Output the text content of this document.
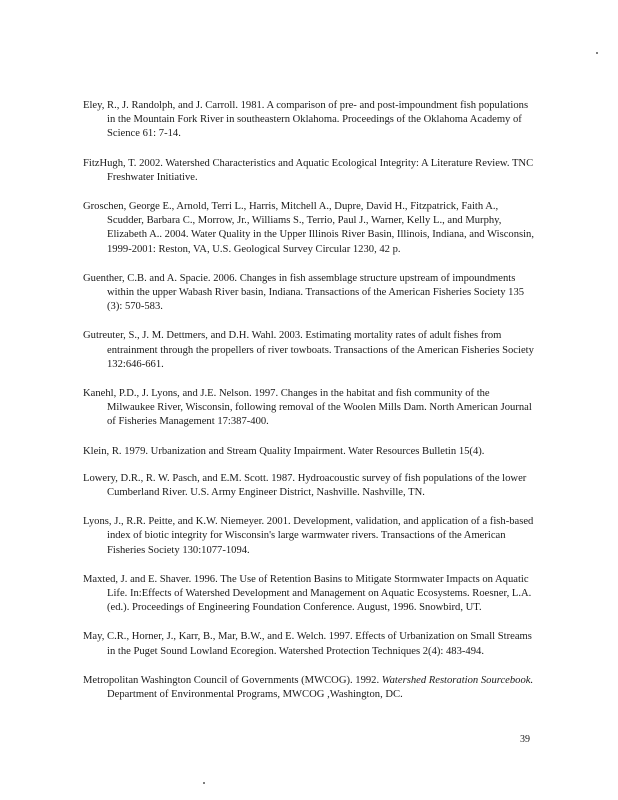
Eley, R., J. Randolph, and J. Carroll. 1981. A comparison of pre- and post-impoundment fish populations in the Mountain Fork River in southeastern Oklahoma. Proceedings of the Oklahoma Academy of Science 61: 7-14.

FitzHugh, T. 2002. Watershed Characteristics and Aquatic Ecological Integrity: A Literature Review. TNC Freshwater Initiative.

Groschen, George E., Arnold, Terri L., Harris, Mitchell A., Dupre, David H., Fitzpatrick, Faith A., Scudder, Barbara C., Morrow, Jr., Williams S., Terrio, Paul J., Warner, Kelly L., and Murphy, Elizabeth A.. 2004. Water Quality in the Upper Illinois River Basin, Illinois, Indiana, and Wisconsin, 1999-2001: Reston, VA, U.S. Geological Survey Circular 1230, 42 p.

Guenther, C.B. and A. Spacie. 2006. Changes in fish assemblage structure upstream of impoundments within the upper Wabash River basin, Indiana. Transactions of the American Fisheries Society 135 (3): 570-583.

Gutreuter, S., J. M. Dettmers, and D.H. Wahl. 2003. Estimating mortality rates of adult fishes from entrainment through the propellers of river towboats. Transactions of the American Fisheries Society 132:646-661.

Kanehl, P.D., J. Lyons, and J.E. Nelson. 1997. Changes in the habitat and fish community of the Milwaukee River, Wisconsin, following removal of the Woolen Mills Dam. North American Journal of Fisheries Management 17:387-400.

Klein, R. 1979. Urbanization and Stream Quality Impairment. Water Resources Bulletin 15(4).

Lowery, D.R., R. W. Pasch, and E.M. Scott. 1987. Hydroacoustic survey of fish populations of the lower Cumberland River. U.S. Army Engineer District, Nashville. Nashville, TN.

Lyons, J., R.R. Peitte, and K.W. Niemeyer. 2001. Development, validation, and application of a fish-based index of biotic integrity for Wisconsin's large warmwater rivers. Transactions of the American Fisheries Society 130:1077-1094.

Maxted, J. and E. Shaver. 1996. The Use of Retention Basins to Mitigate Stormwater Impacts on Aquatic Life. In:Effects of Watershed Development and Management on Aquatic Ecosystems. Roesner, L.A. (ed.). Proceedings of Engineering Foundation Conference. August, 1996. Snowbird, UT.

May, C.R., Horner, J., Karr, B., Mar, B.W., and E. Welch. 1997. Effects of Urbanization on Small Streams in the Puget Sound Lowland Ecoregion. Watershed Protection Techniques 2(4): 483-494.

Metropolitan Washington Council of Governments (MWCOG). 1992. Watershed Restoration Sourcebook. Department of Environmental Programs, MWCOG ,Washington, DC.

39
